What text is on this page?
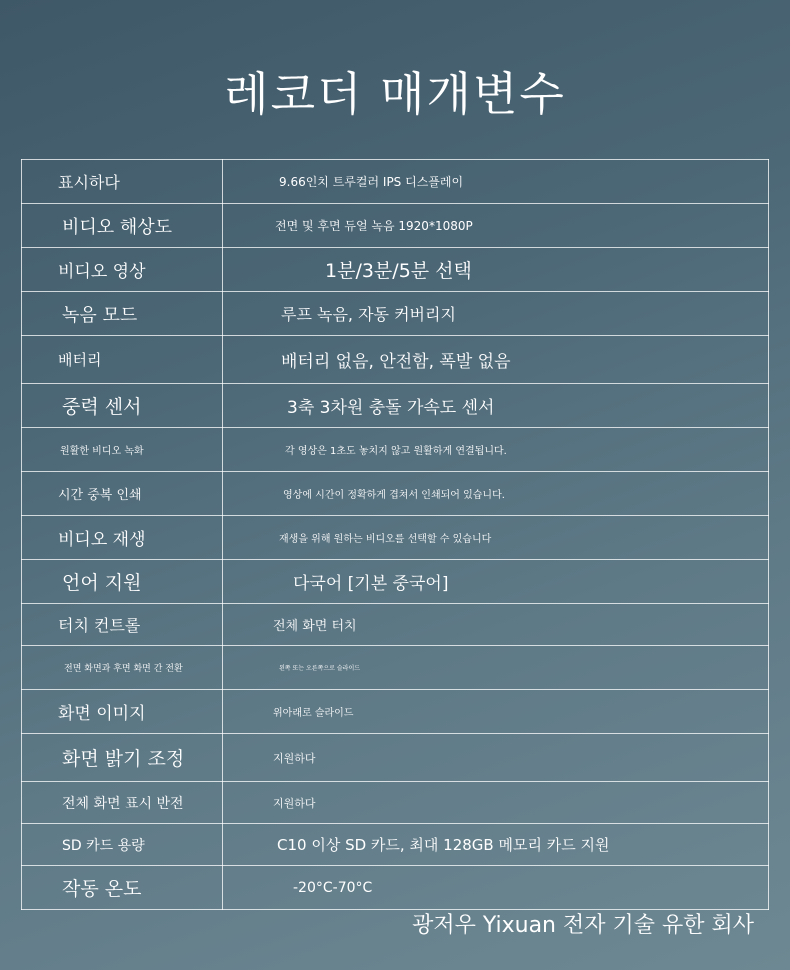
레코더 매개변수
표시하다	9.66인치 트루컬러 IPS 디스플레이
비디오 해상도	전면 및 후면 듀얼 녹음 1920*1080P
비디오 영상	1분/3분/5분 선택
녹음 모드	루프 녹음, 자동 커버리지
배터리	배터리 없음, 안전함, 폭발 없음
중력 센서	3축 3차원 충돌 가속도 센서
원활한 비디오 녹화	각 영상은 1초도 놓치지 않고 원활하게 연결됩니다.
시간 중복 인쇄	영상에 시간이 정확하게 겹쳐서 인쇄되어 있습니다.
비디오 재생	재생을 위해 원하는 비디오를 선택할 수 있습니다
언어 지원	다국어 [기본 중국어]
터치 컨트롤	전체 화면 터치
전면 화면과 후면 화면 간 전환	왼쪽 또는 오른쪽으로 슬라이드
화면 이미지	위아래로 슬라이드
화면 밝기 조정	지원하다
전체 화면 표시 반전	지원하다
SD 카드 용량	C10 이상 SD 카드, 최대 128GB 메모리 카드 지원
작동 온도	-20°C-70°C
광저우 Yixuan 전자 기술 유한 회사
